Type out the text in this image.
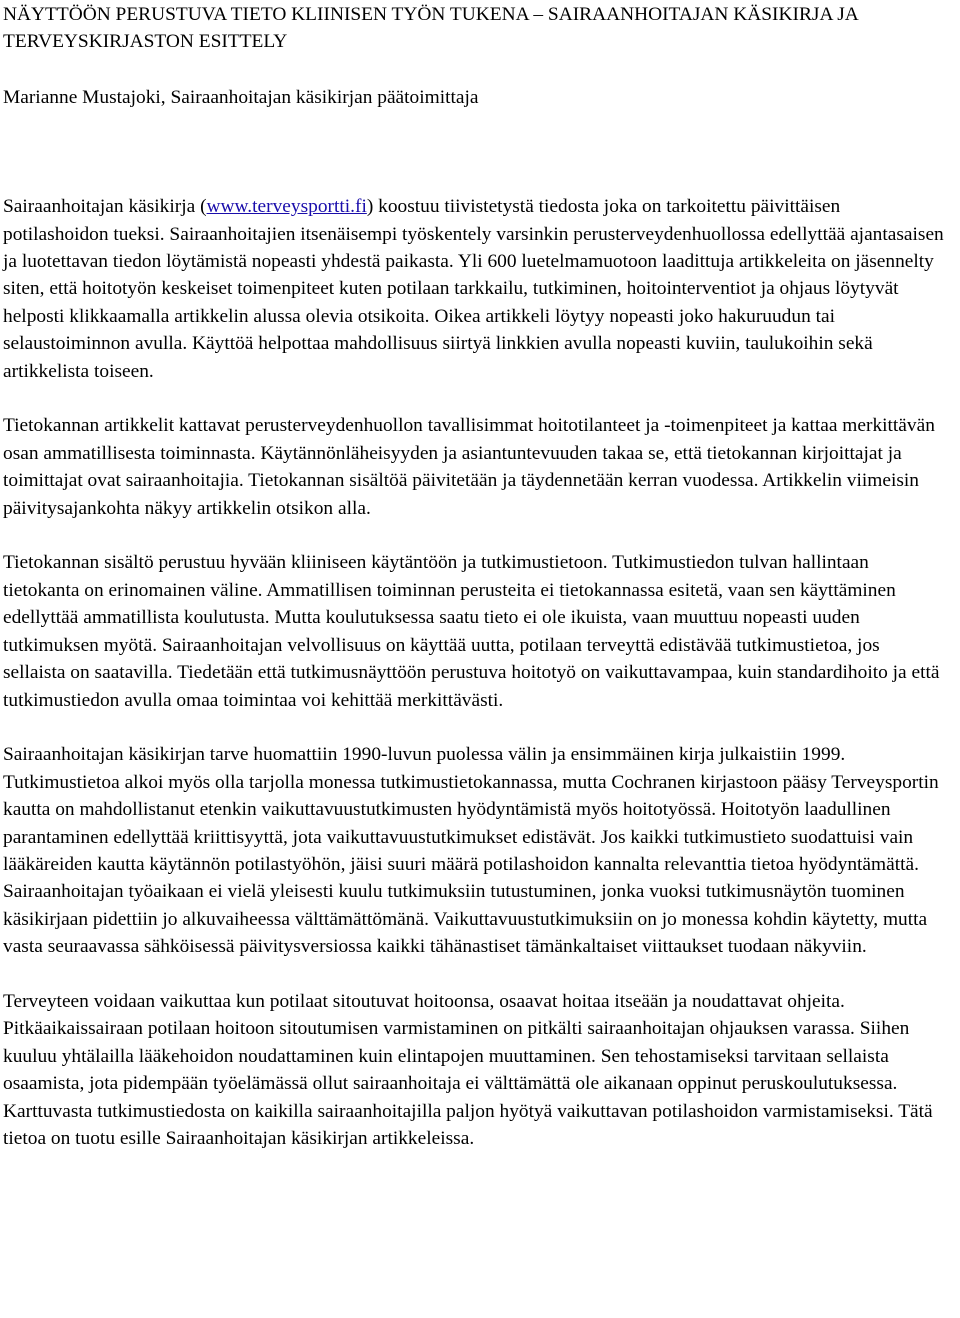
NÄYTTÖÖN PERUSTUVA TIETO KLIINISEN TYÖN TUKENA – SAIRAANHOITAJAN KÄSIKIRJA JA TERVEYSKIRJASTON ESITTELY

Marianne Mustajoki, Sairaanhoitajan käsikirjan päätoimittaja

Sairaanhoitajan käsikirja (www.terveysportti.fi) koostuu tiivistetystä tiedosta joka on tarkoitettu päivittäisen potilashoidon tueksi. Sairaanhoitajien itsenäisempi työskentely varsinkin perusterveydenhuollossa edellyttää ajantasaisen ja luotettavan tiedon löytämistä nopeasti yhdestä paikasta. Yli 600 luetelmamuotoon laadittuja artikkeleita on jäsennelty siten, että hoitotyön keskeiset toimenpiteet kuten potilaan tarkkailu, tutkiminen, hoitointerventiot ja ohjaus löytyvät helposti klikkaamalla artikkelin alussa olevia otsikoita. Oikea artikkeli löytyy nopeasti joko hakuruudun tai selaustoiminnon avulla. Käyttöä helpottaa mahdollisuus siirtyä linkkien avulla nopeasti kuviin, taulukoihin sekä artikkelista toiseen.

Tietokannan artikkelit kattavat perusterveydenhuollon tavallisimmat hoitotilanteet ja -toimenpiteet ja kattaa merkittävän osan ammatillisesta toiminnasta. Käytännönläheisyyden ja asiantuntevuuden takaa se, että tietokannan kirjoittajat ja toimittajat ovat sairaanhoitajia. Tietokannan sisältöä päivitetään ja täydennetään kerran vuodessa. Artikkelin viimeisin päivitysajankohta näkyy artikkelin otsikon alla.

Tietokannan sisältö perustuu hyvään kliiniseen käytäntöön ja tutkimustietoon. Tutkimustiedon tulvan hallintaan tietokanta on erinomainen väline. Ammatillisen toiminnan perusteita ei tietokannassa esitetä, vaan sen käyttäminen edellyttää ammatillista koulutusta. Mutta koulutuksessa saatu tieto ei ole ikuista, vaan muuttuu nopeasti uuden tutkimuksen myötä. Sairaanhoitajan velvollisuus on käyttää uutta, potilaan terveyttä edistävää tutkimustietoa, jos sellaista on saatavilla. Tiedetään että tutkimusnäyttöön perustuva hoitotyö on vaikuttavampaa, kuin standardihoito ja että tutkimustiedon avulla omaa toimintaa voi kehittää merkittävästi.

Sairaanhoitajan käsikirjan tarve huomattiin 1990-luvun puolessa välin ja ensimmäinen kirja julkaistiin 1999. Tutkimustietoa alkoi myös olla tarjolla monessa tutkimustietokannassa, mutta Cochranen kirjastoon pääsy Terveysportin kautta on mahdollistanut etenkin vaikuttavuustutkimusten hyödyntämistä myös hoitotyössä. Hoitotyön laadullinen parantaminen edellyttää kriittisyyttä, jota vaikuttavuustutkimukset edistävät. Jos kaikki tutkimustieto suodattuisi vain lääkäreiden kautta käytännön potilastyöhön, jäisi suuri määrä potilashoidon kannalta relevanttia tietoa hyödyntämättä. Sairaanhoitajan työaikaan ei vielä yleisesti kuulu tutkimuksiin tutustuminen, jonka vuoksi tutkimusnäytön tuominen käsikirjaan pidettiin jo alkuvaiheessa välttämättömänä. Vaikuttavuustutkimuksiin on jo monessa kohdin käytetty, mutta vasta seuraavassa sähköisessä päivitysversiossa kaikki tähänastiset tämänkaltaiset viittaukset tuodaan näkyviin.

Terveyteen voidaan vaikuttaa kun potilaat sitoutuvat hoitoonsa, osaavat hoitaa itseään ja noudattavat ohjeita. Pitkäaikaissairaan potilaan hoitoon sitoutumisen varmistaminen on pitkälti sairaanhoitajan ohjauksen varassa. Siihen kuuluu yhtälailla lääkehoidon noudattaminen kuin elintapojen muuttaminen. Sen tehostamiseksi tarvitaan sellaista osaamista, jota pidempään työelämässä ollut sairaanhoitaja ei välttämättä ole aikanaan oppinut peruskoulutuksessa. Karttuvasta tutkimustiedosta on kaikilla sairaanhoitajilla paljon hyötyä vaikuttavan potilashoidon varmistamiseksi. Tätä tietoa on tuotu esille Sairaanhoitajan käsikirjan artikkeleissa.
